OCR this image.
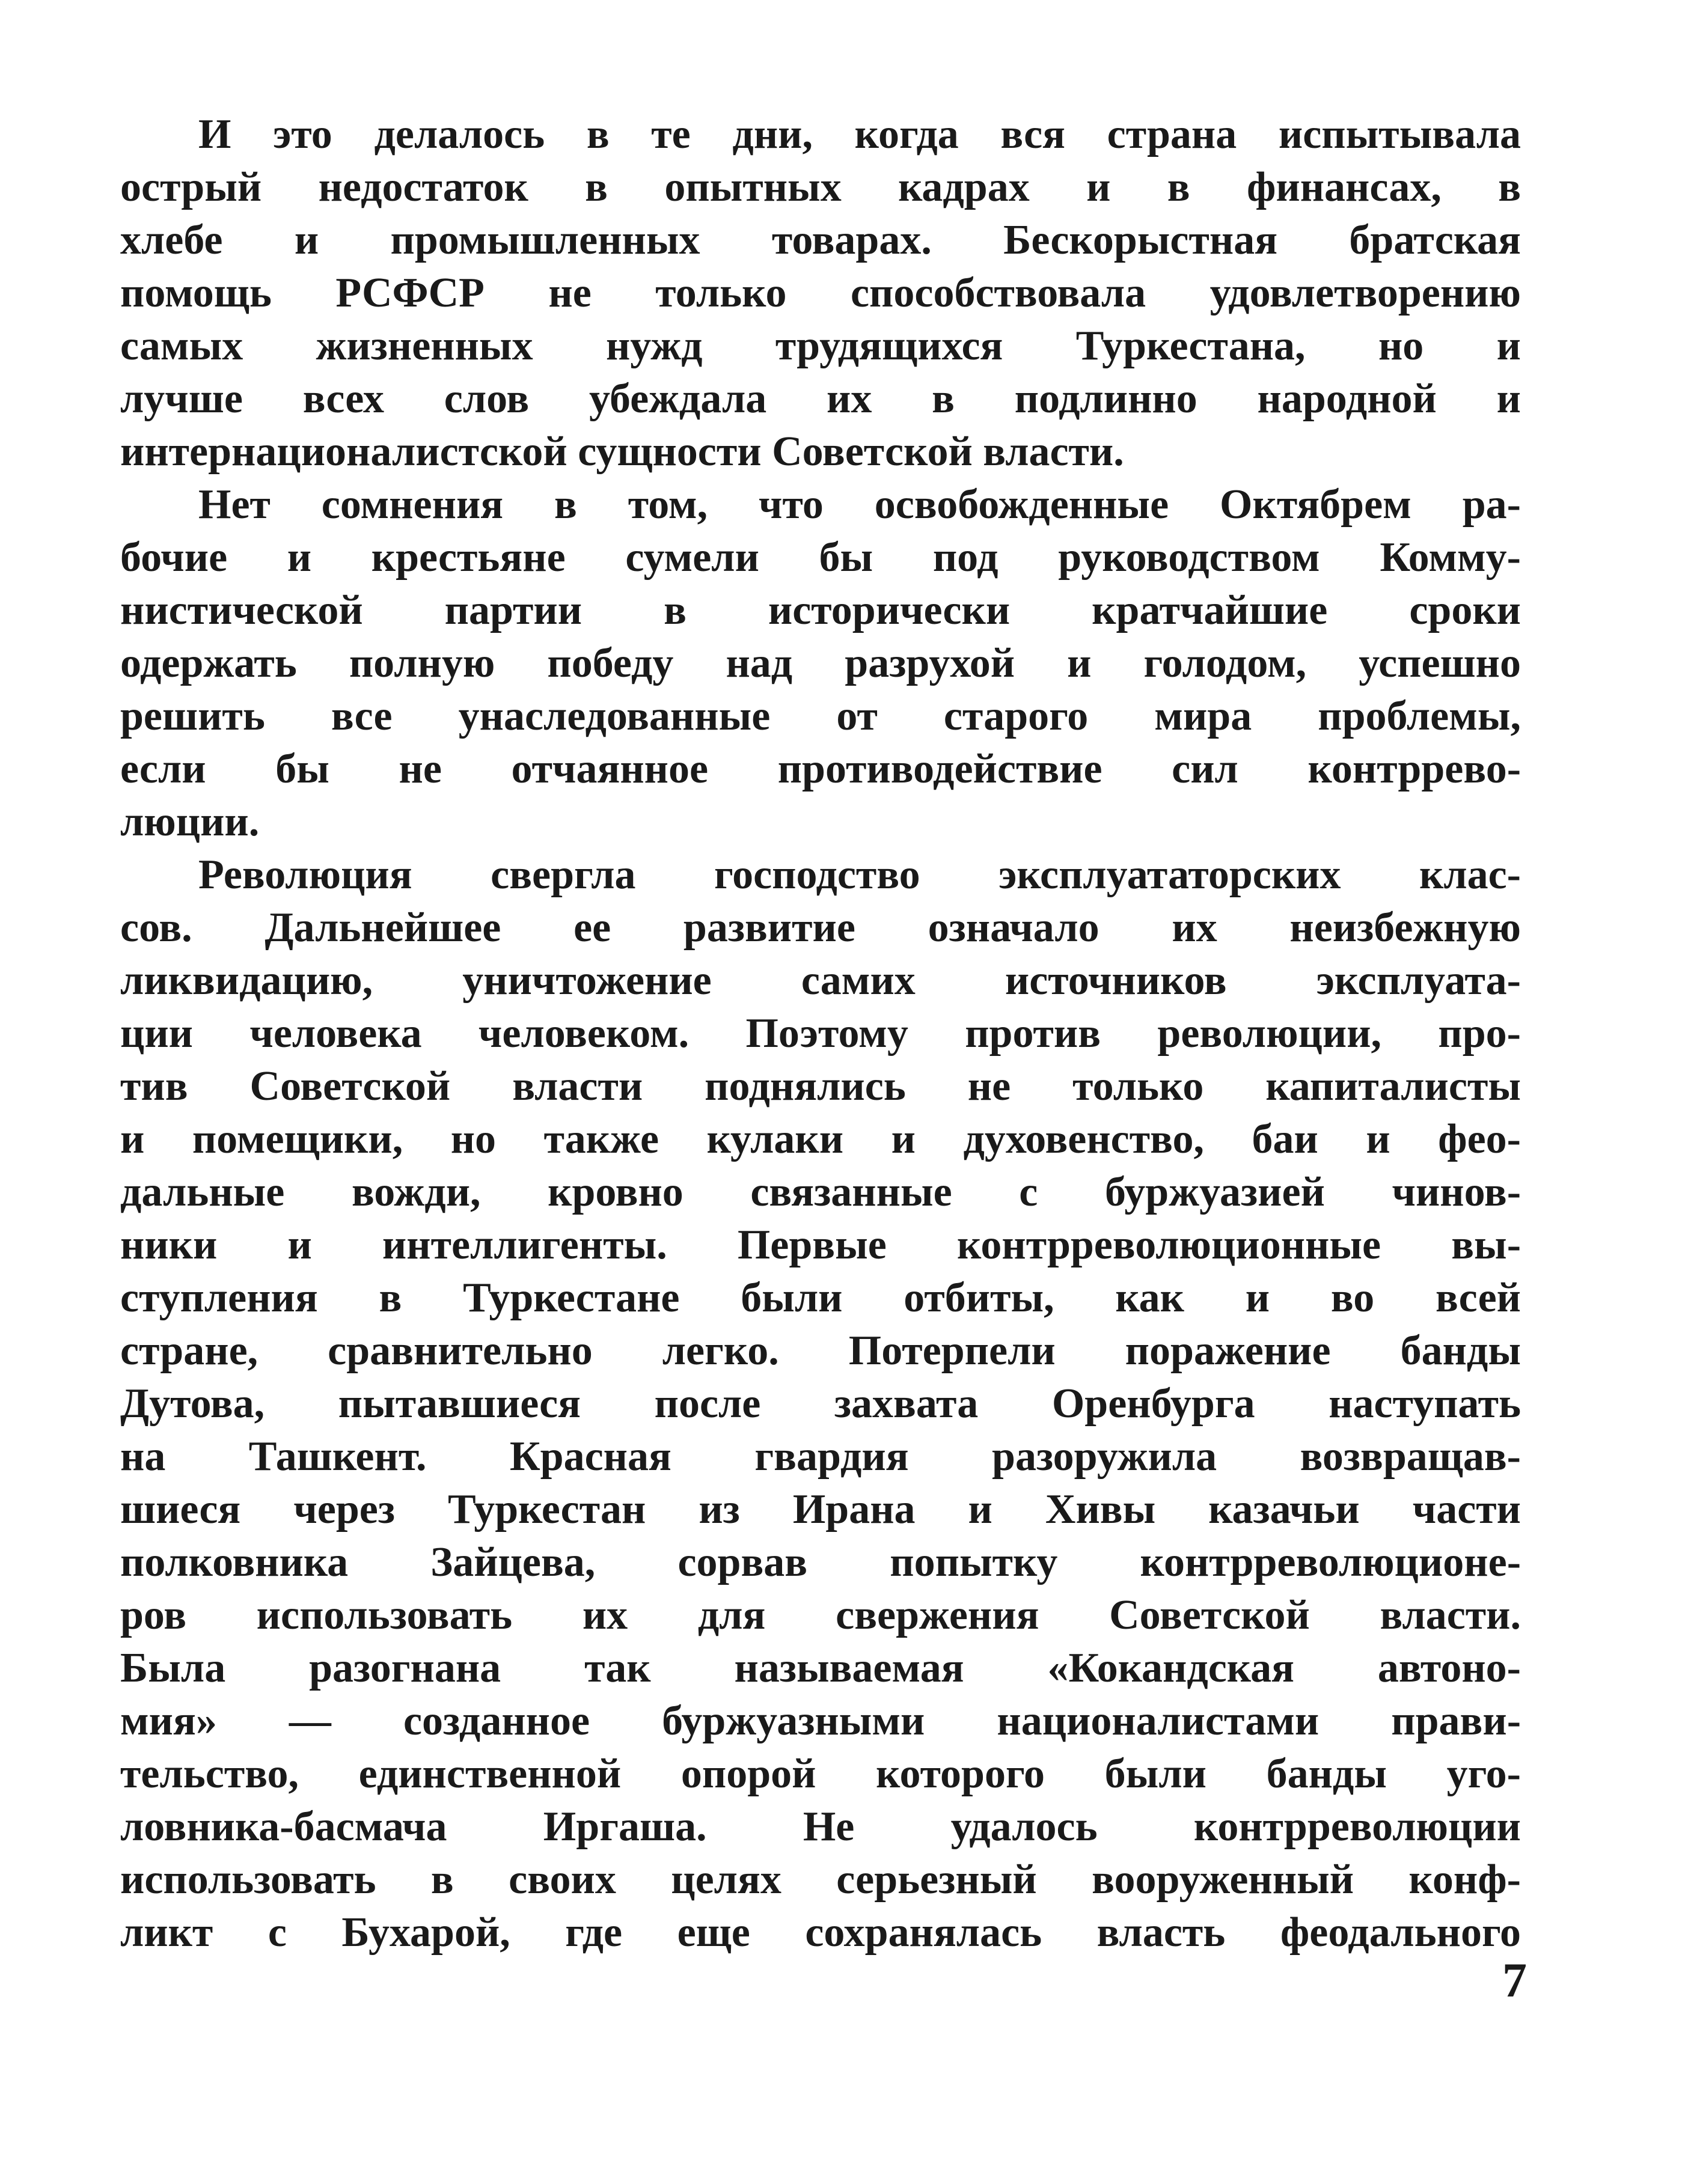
И это делалось в те дни, когда вся страна испытывала
острый недостаток в опытных кадрах и в финансах, в
хлебе и промышленных товарах. Бескорыстная братская
помощь РСФСР не только способствовала удовлетворению
самых жизненных нужд трудящихся Туркестана, но и
лучше всех слов убеждала их в подлинно народной и
интернационалистской сущности Советской власти.
Нет сомнения в том, что освобожденные Октябрем ра-
бочие и крестьяне сумели бы под руководством Комму-
нистической партии в исторически кратчайшие сроки
одержать полную победу над разрухой и голодом, успешно
решить все унаследованные от старого мира проблемы,
если бы не отчаянное противодействие сил контррево-
люции.
Революция свергла господство эксплуататорских клас-
сов. Дальнейшее ее развитие означало их неизбежную
ликвидацию, уничтожение самих источников эксплуата-
ции человека человеком. Поэтому против революции, про-
тив Советской власти поднялись не только капиталисты
и помещики, но также кулаки и духовенство, баи и фео-
дальные вожди, кровно связанные с буржуазией чинов-
ники и интеллигенты. Первые контрреволюционные вы-
ступления в Туркестане были отбиты, как и во всей
стране, сравнительно легко. Потерпели поражение банды
Дутова, пытавшиеся после захвата Оренбурга наступать
на Ташкент. Красная гвардия разоружила возвращав-
шиеся через Туркестан из Ирана и Хивы казачьи части
полковника Зайцева, сорвав попытку контрреволюционе-
ров использовать их для свержения Советской власти.
Была разогнана так называемая «Кокандская автоно-
мия» — созданное буржуазными националистами прави-
тельство, единственной опорой которого были банды уго-
ловника-басмача Иргаша. Не удалось контрреволюции
использовать в своих целях серьезный вооруженный конф-
ликт с Бухарой, где еще сохранялась власть феодального
7
